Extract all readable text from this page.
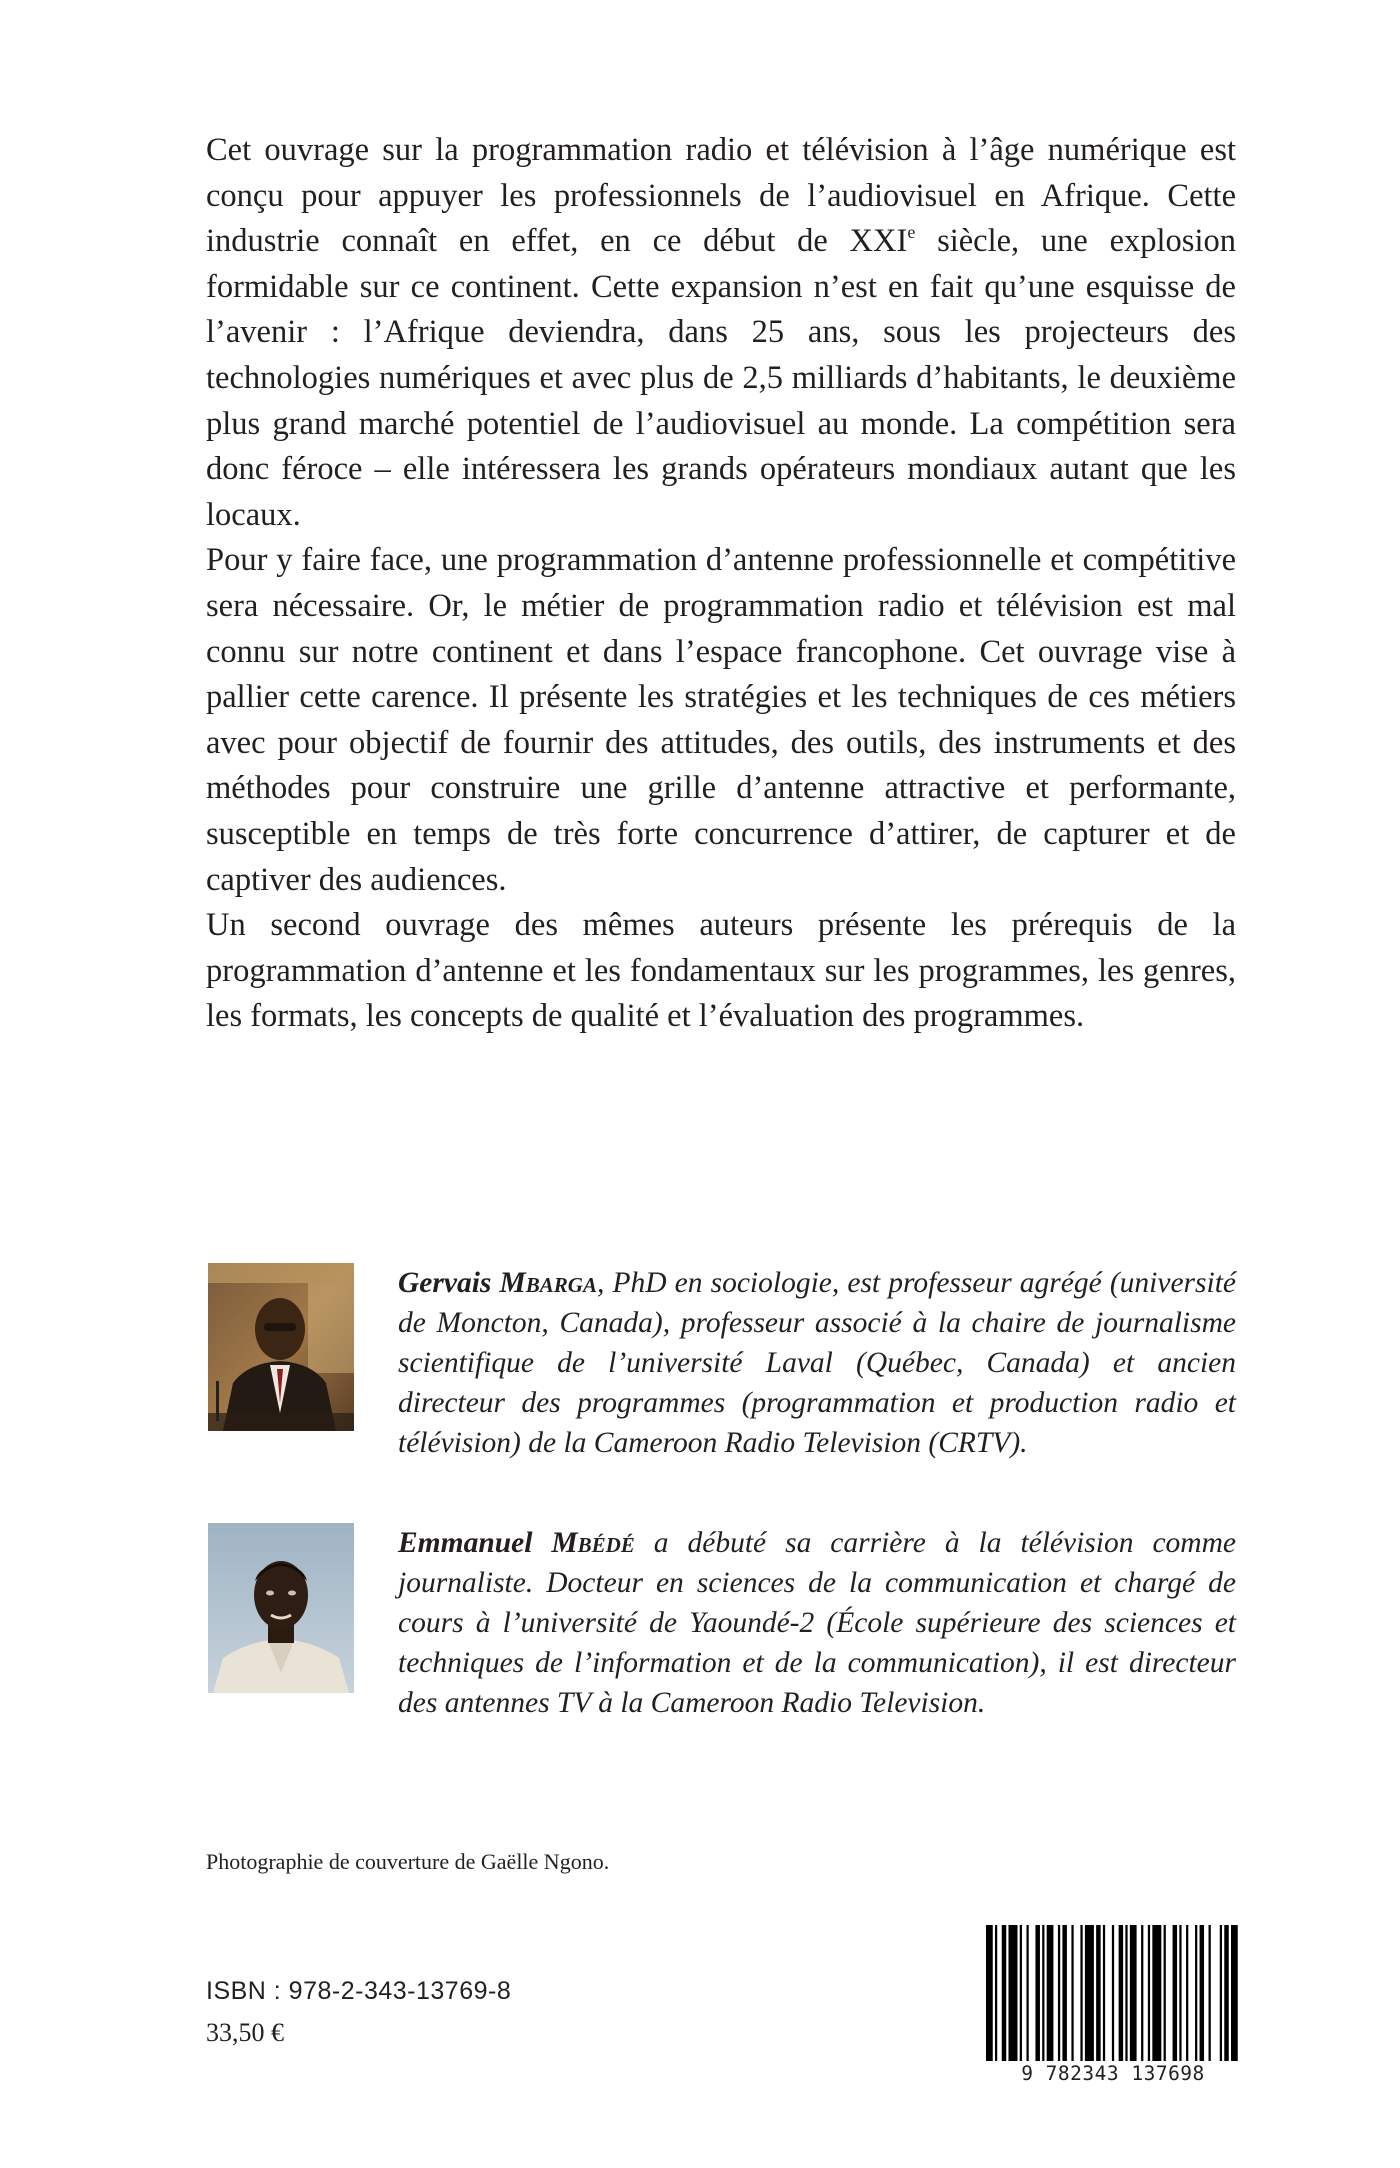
Cet ouvrage sur la programmation radio et télévision à l’âge numérique est conçu pour appuyer les professionnels de l’audiovisuel en Afrique. Cette industrie connaît en effet, en ce début de XXIe siècle, une explosion formidable sur ce continent. Cette expansion n’est en fait qu’une esquisse de l’avenir : l’Afrique deviendra, dans 25 ans, sous les projecteurs des technologies numériques et avec plus de 2,5 milliards d’habitants, le deuxième plus grand marché potentiel de l’audiovisuel au monde. La compétition sera donc féroce – elle intéressera les grands opérateurs mondiaux autant que les locaux.

Pour y faire face, une programmation d’antenne professionnelle et compétitive sera nécessaire. Or, le métier de programmation radio et télévision est mal connu sur notre continent et dans l’espace francophone. Cet ouvrage vise à pallier cette carence. Il présente les stratégies et les techniques de ces métiers avec pour objectif de fournir des attitudes, des outils, des instruments et des méthodes pour construire une grille d’antenne attractive et performante, susceptible en temps de très forte concurrence d’attirer, de capturer et de captiver des audiences.

Un second ouvrage des mêmes auteurs présente les prérequis de la programmation d’antenne et les fondamentaux sur les programmes, les genres, les formats, les concepts de qualité et l’évaluation des programmes.

Gervais Mbarga, PhD en sociologie, est professeur agrégé (université de Moncton, Canada), professeur associé à la chaire de journalisme scientifique de l’université Laval (Québec, Canada) et ancien directeur des programmes (programmation et production radio et télévision) de la Cameroon Radio Television (CRTV).
Emmanuel Mbédé a débuté sa carrière à la télévision comme journaliste. Docteur en sciences de la communication et chargé de cours à l’université de Yaoundé-2 (École supérieure des sciences et techniques de l’information et de la communication), il est directeur des antennes TV à la Cameroon Radio Television.

Photographie de couverture de Gaëlle Ngono.

ISBN : 978-2-343-13769-8

33,50 €

9 782343 137698
